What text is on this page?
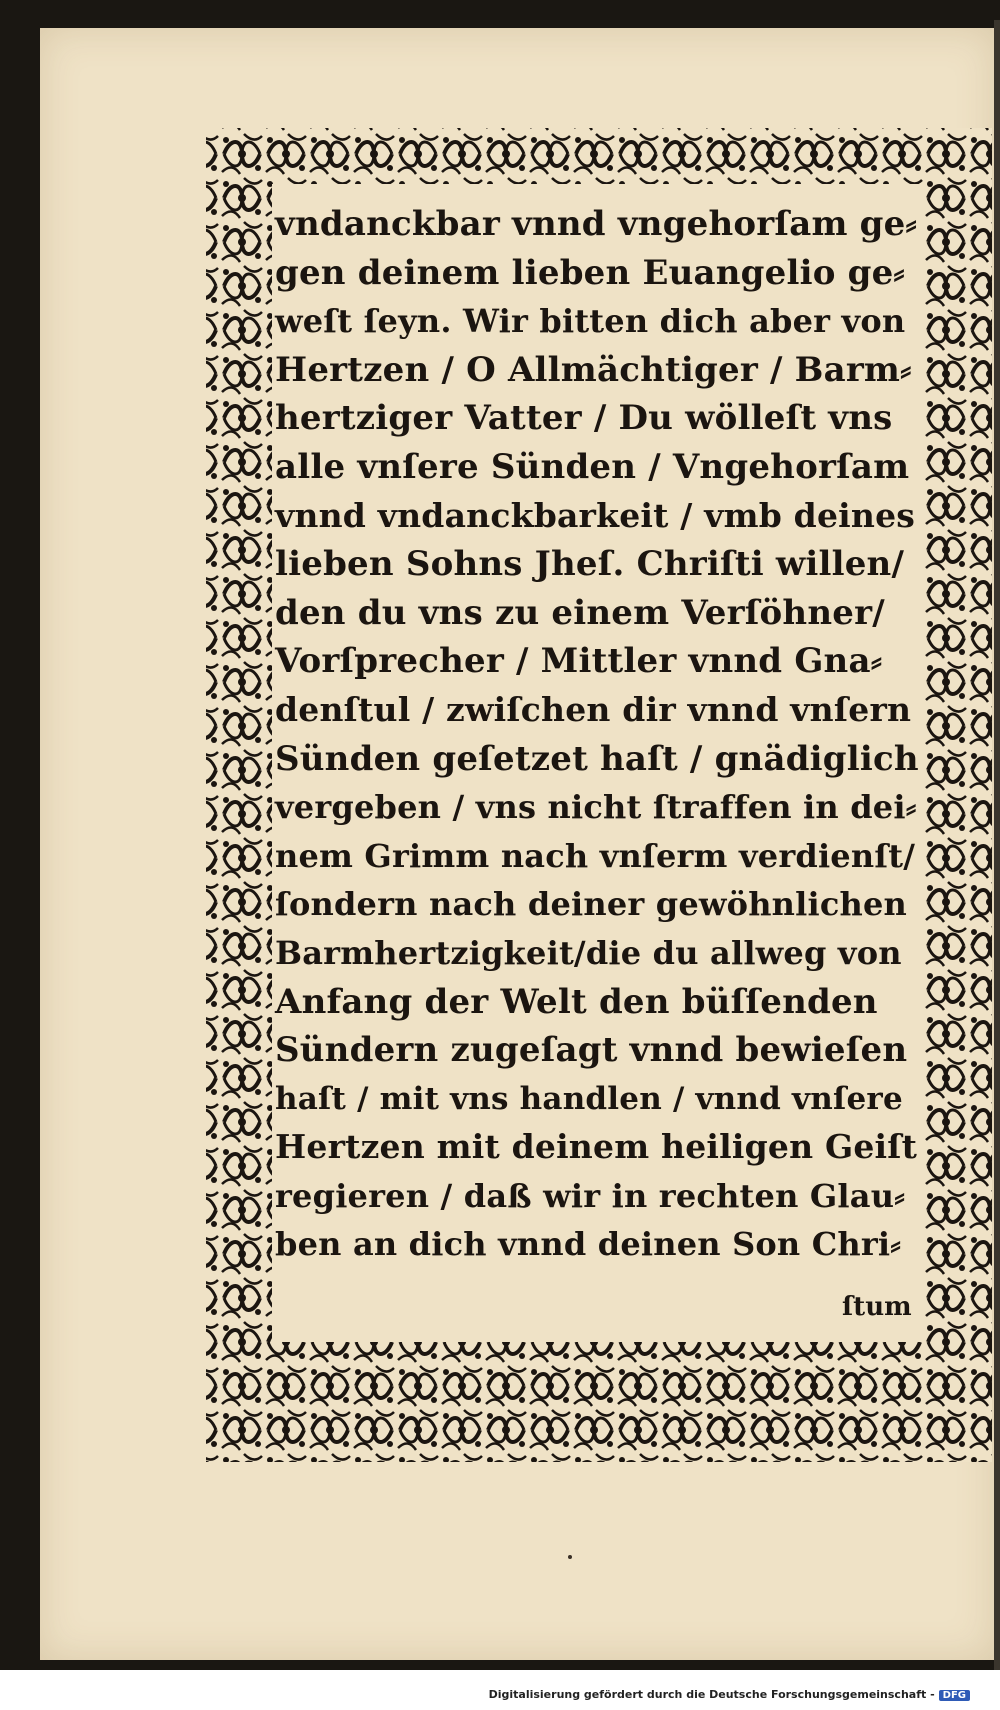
vndanckbar vnnd vngehorſam ge⸗
gen deinem lieben Euangelio ge⸗
weſt ſeyn. Wir bitten dich aber von
Hertzen / O Allmächtiger / Barm⸗
hertziger Vatter / Du wölleſt vns
alle vnſere Sünden / Vngehorſam
vnnd vndanckbarkeit / vmb deines
lieben Sohns Jheſ. Chriſti willen/
den du vns zu einem Verſöhner/
Vorſprecher / Mittler vnnd Gna⸗
denſtul / zwiſchen dir vnnd vnſern
Sünden geſetzet haſt / gnädiglich
vergeben / vns nicht ſtraffen in dei⸗
nem Grimm nach vnſerm verdienſt/
ſondern nach deiner gewöhnlichen
Barmhertzigkeit/die du allweg von
Anfang der Welt den büſſenden
Sündern zugeſagt vnnd bewieſen
haſt / mit vns handlen / vnnd vnſere
Hertzen mit deinem heiligen Geiſt
regieren / daß wir in rechten Glau⸗
ben an dich vnnd deinen Son Chri⸗
ſtum
Digitalisierung gefördert durch die Deutsche Forschungsgemeinschaft - DFG
